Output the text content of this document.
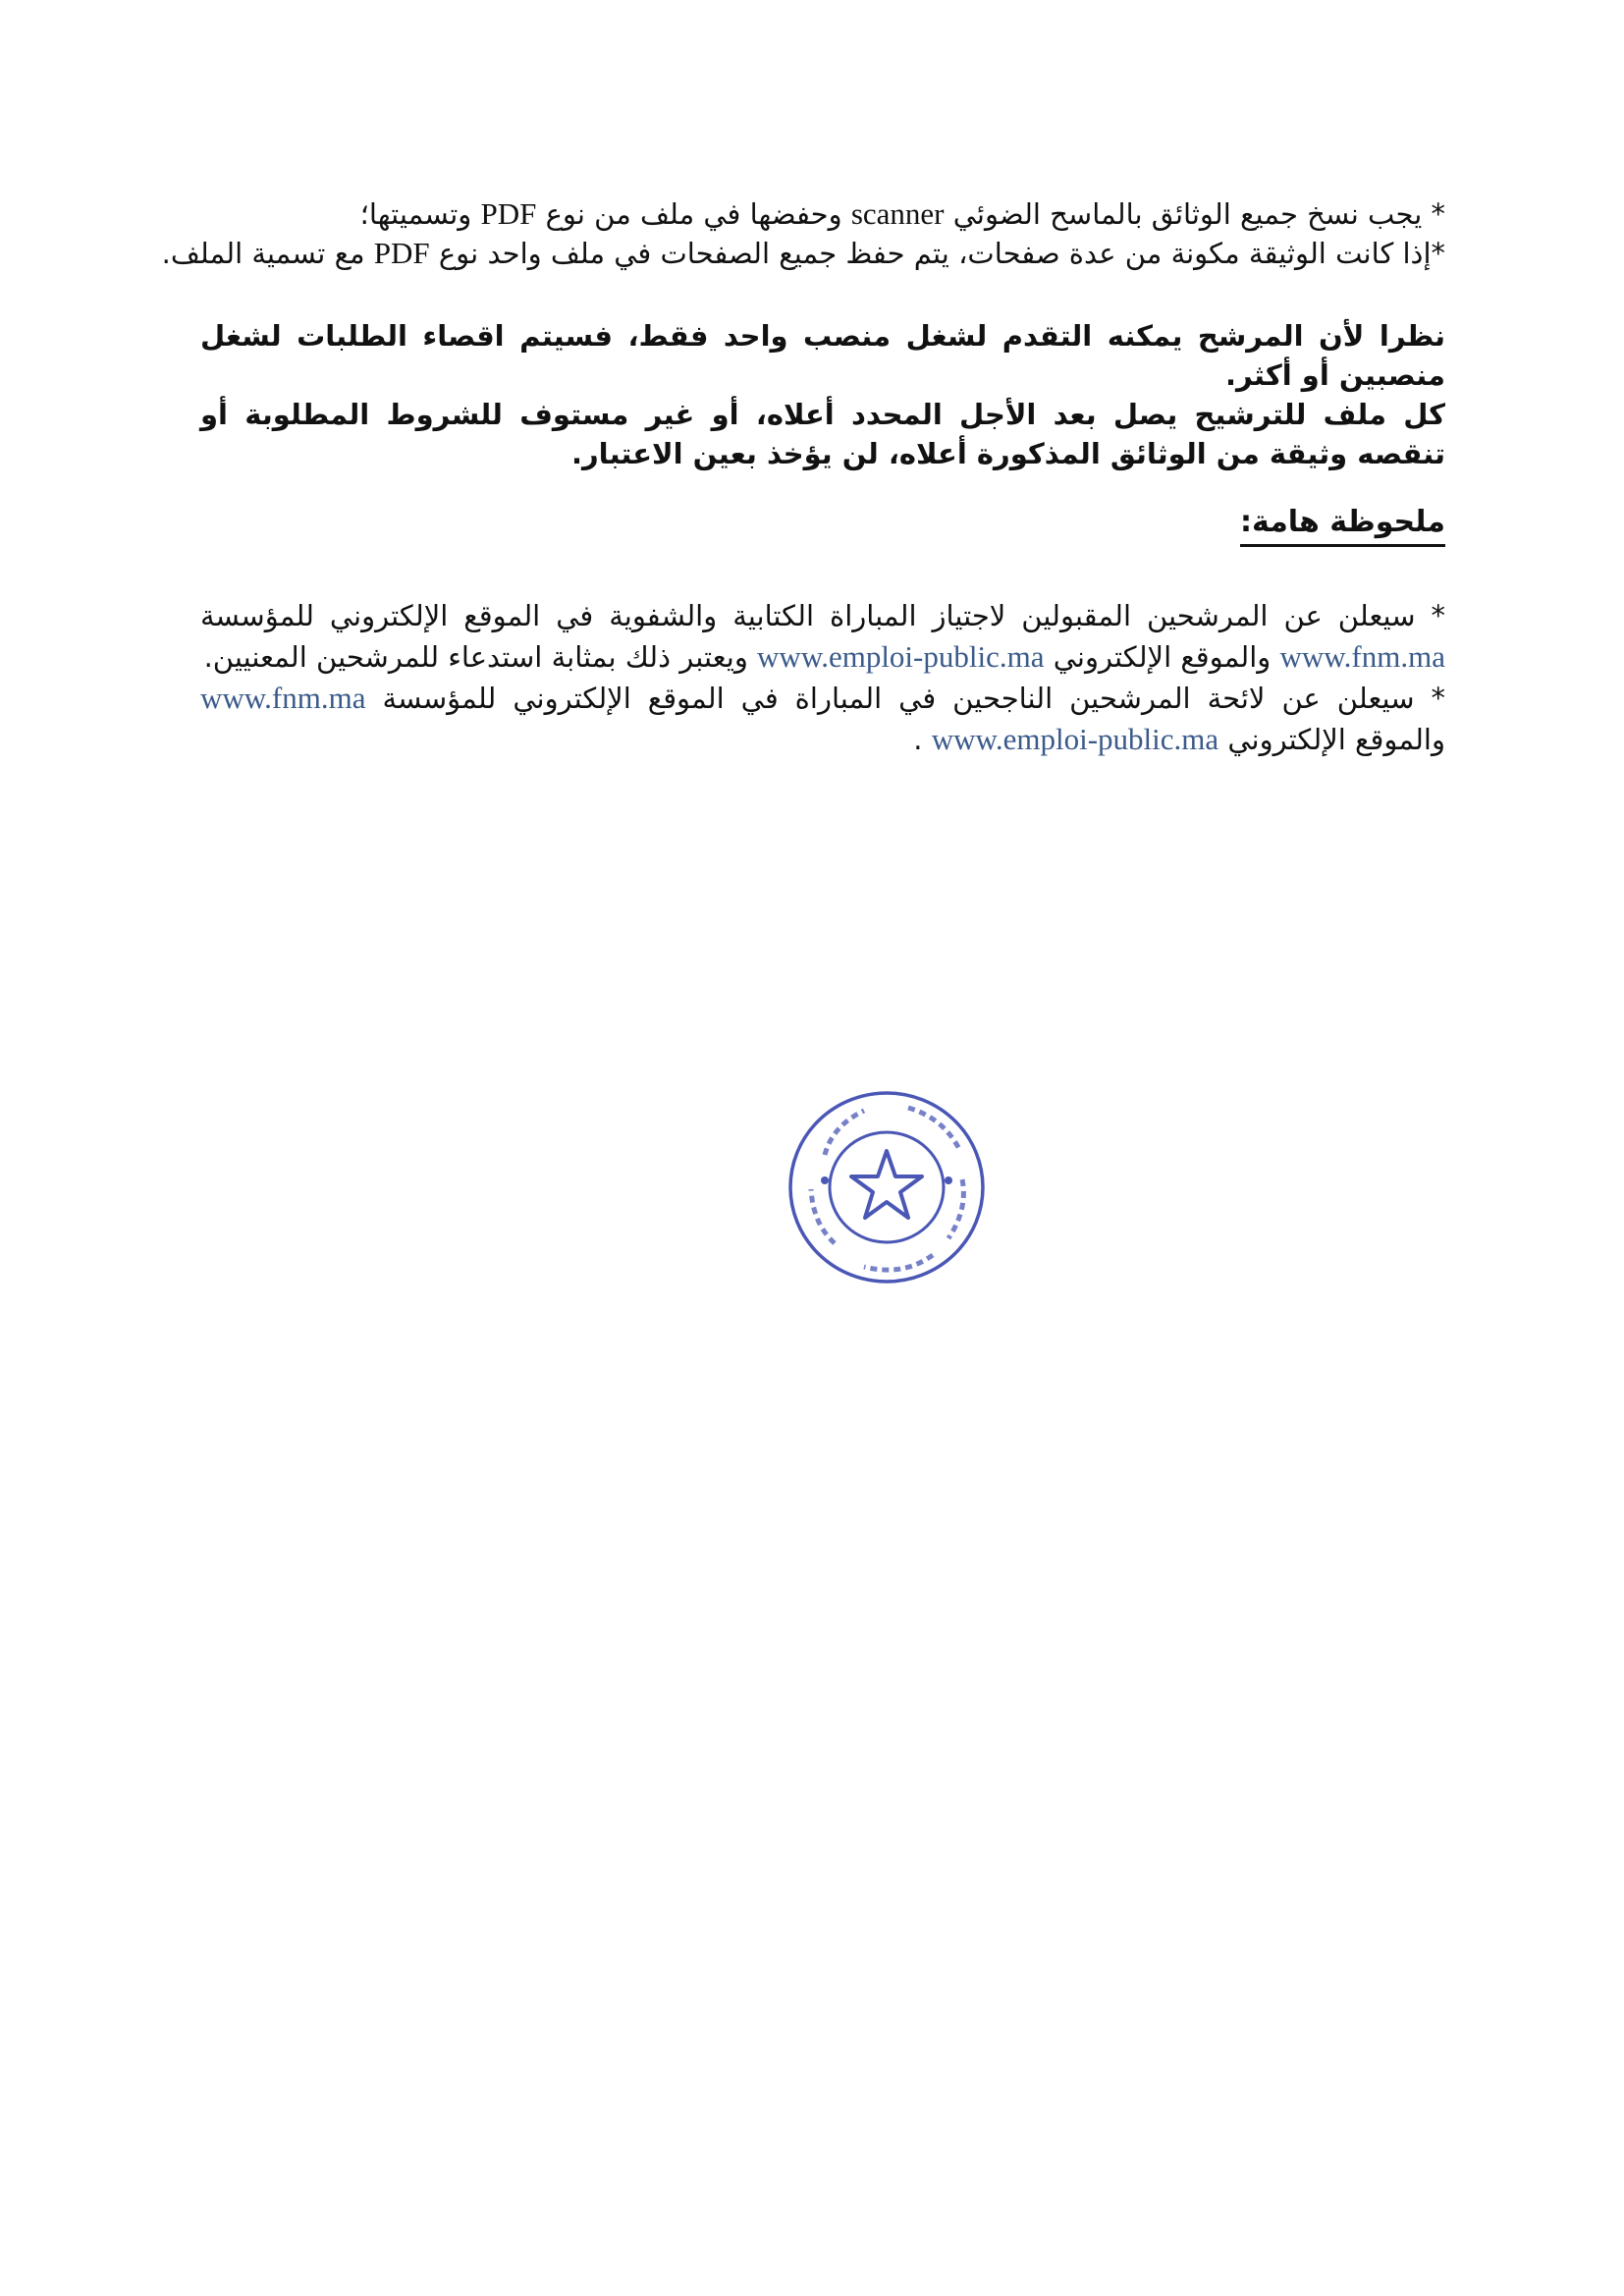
* يجب نسخ جميع الوثائق بالماسح الضوئي scanner وحفضها في ملف من نوع PDF وتسميتها؛
*إذا كانت الوثيقة مكونة من عدة صفحات، يتم حفظ جميع الصفحات في ملف واحد نوع PDF مع تسمية الملف.
نظرا لأن المرشح يمكنه التقدم لشغل منصب واحد فقط، فسيتم اقصاء الطلبات لشغل منصبين أو أكثر.
كل ملف للترشيح يصل بعد الأجل المحدد أعلاه، أو غير مستوف للشروط المطلوبة أو تنقصه وثيقة من الوثائق المذكورة أعلاه، لن يؤخذ بعين الاعتبار.
ملحوظة هامة:
* سيعلن عن المرشحين المقبولين لاجتياز المباراة الكتابية والشفوية في الموقع الإلكتروني للمؤسسة www.fnm.ma والموقع الإلكتروني www.emploi-public.ma ويعتبر ذلك بمثابة استدعاء للمرشحين المعنيين.
* سيعلن عن لائحة المرشحين الناجحين في المباراة في الموقع الإلكتروني للمؤسسة www.fnm.ma والموقع الإلكتروني www.emploi-public.ma .
